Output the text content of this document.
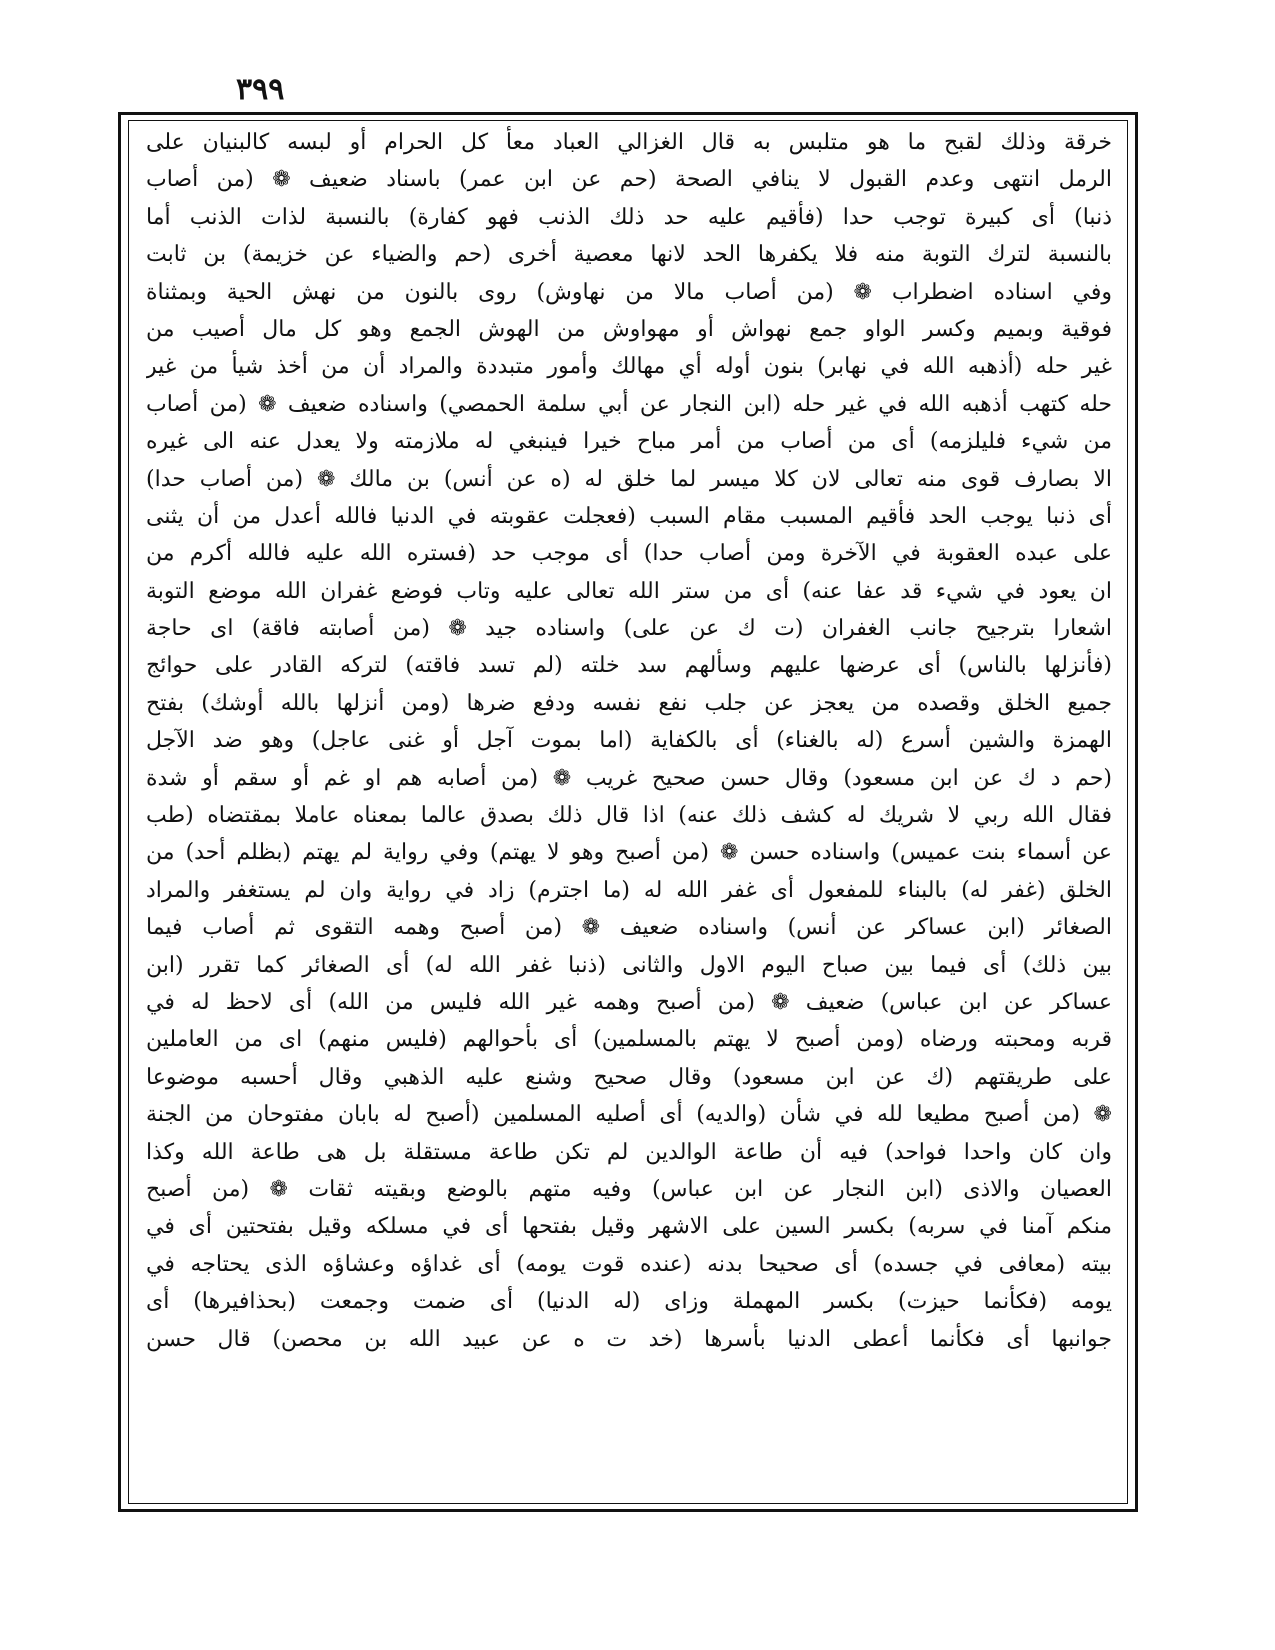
٣٩٩
خرقة وذلك لقبح ما هو متلبس به قال الغزالي العباد معأ كل الحرام أو لبسه كالبنيان على
الرمل انتهى وعدم القبول لا ينافي الصحة (حم عن ابن عمر) باسناد ضعيف ❁ (من أصاب
ذنبا) أى كبيرة توجب حدا (فأقيم عليه حد ذلك الذنب فهو كفارة) بالنسبة لذات الذنب أما
بالنسبة لترك التوبة منه فلا يكفرها الحد لانها معصية أخرى (حم والضياء عن خزيمة) بن ثابت
وفي اسناده اضطراب ❁ (من أصاب مالا من نهاوش) روى بالنون من نهش الحية وبمثناة
فوقية وبميم وكسر الواو جمع نهواش أو مهواوش من الهوش الجمع وهو كل مال أصيب من
غير حله (أذهبه الله في نهابر) بنون أوله أي مهالك وأمور متبددة والمراد أن من أخذ شيأ من غير
حله كتهب أذهبه الله في غير حله (ابن النجار عن أبي سلمة الحمصي) واسناده ضعيف ❁ (من أصاب
من شيء فليلزمه) أى من أصاب من أمر مباح خيرا فينبغي له ملازمته ولا يعدل عنه الى غيره
الا بصارف قوى منه تعالى لان كلا ميسر لما خلق له (ه عن أنس) بن مالك ❁ (من أصاب حدا)
أى ذنبا يوجب الحد فأقيم المسبب مقام السبب (فعجلت عقوبته في الدنيا فالله أعدل من أن يثنى
على عبده العقوبة في الآخرة ومن أصاب حدا) أى موجب حد (فستره الله عليه فالله أكرم من
ان يعود في شيء قد عفا عنه) أى من ستر الله تعالى عليه وتاب فوضع غفران الله موضع التوبة
اشعارا بترجيح جانب الغفران (ت ك عن على) واسناده جيد ❁ (من أصابته فاقة) اى حاجة
(فأنزلها بالناس) أى عرضها عليهم وسألهم سد خلته (لم تسد فاقته) لتركه القادر على حوائج
جميع الخلق وقصده من يعجز عن جلب نفع نفسه ودفع ضرها (ومن أنزلها بالله أوشك) بفتح
الهمزة والشين أسرع (له بالغناء) أى بالكفاية (اما بموت آجل أو غنى عاجل) وهو ضد الآجل
(حم د ك عن ابن مسعود) وقال حسن صحيح غريب ❁ (من أصابه هم او غم أو سقم أو شدة
فقال الله ربي لا شريك له كشف ذلك عنه) اذا قال ذلك بصدق عالما بمعناه عاملا بمقتضاه (طب
عن أسماء بنت عميس) واسناده حسن ❁ (من أصبح وهو لا يهتم) وفي رواية لم يهتم (بظلم أحد) من
الخلق (غفر له) بالبناء للمفعول أى غفر الله له (ما اجترم) زاد في رواية وان لم يستغفر والمراد
الصغائر (ابن عساكر عن أنس) واسناده ضعيف ❁ (من أصبح وهمه التقوى ثم أصاب فيما
بين ذلك) أى فيما بين صباح اليوم الاول والثانى (ذنبا غفر الله له) أى الصغائر كما تقرر (ابن
عساكر عن ابن عباس) ضعيف ❁ (من أصبح وهمه غير الله فليس من الله) أى لاحظ له في
قربه ومحبته ورضاه (ومن أصبح لا يهتم بالمسلمين) أى بأحوالهم (فليس منهم) اى من العاملين
على طريقتهم (ك عن ابن مسعود) وقال صحيح وشنع عليه الذهبي وقال أحسبه موضوعا
❁ (من أصبح مطيعا لله في شأن (والديه) أى أصليه المسلمين (أصبح له بابان مفتوحان من الجنة
وان كان واحدا فواحد) فيه أن طاعة الوالدين لم تكن طاعة مستقلة بل هى طاعة الله وكذا
العصيان والاذى (ابن النجار عن ابن عباس) وفيه متهم بالوضع وبقيته ثقات ❁ (من أصبح
منكم آمنا في سربه) بكسر السين على الاشهر وقيل بفتحها أى في مسلكه وقيل بفتحتين أى في
بيته (معافى في جسده) أى صحيحا بدنه (عنده قوت يومه) أى غداؤه وعشاؤه الذى يحتاجه في
يومه (فكأنما حيزت) بكسر المهملة وزاى (له الدنيا) أى ضمت وجمعت (بحذافيرها) أى
جوانبها أى فكأنما أعطى الدنيا بأسرها (خد ت ه عن عبيد الله بن محصن) قال حسن
